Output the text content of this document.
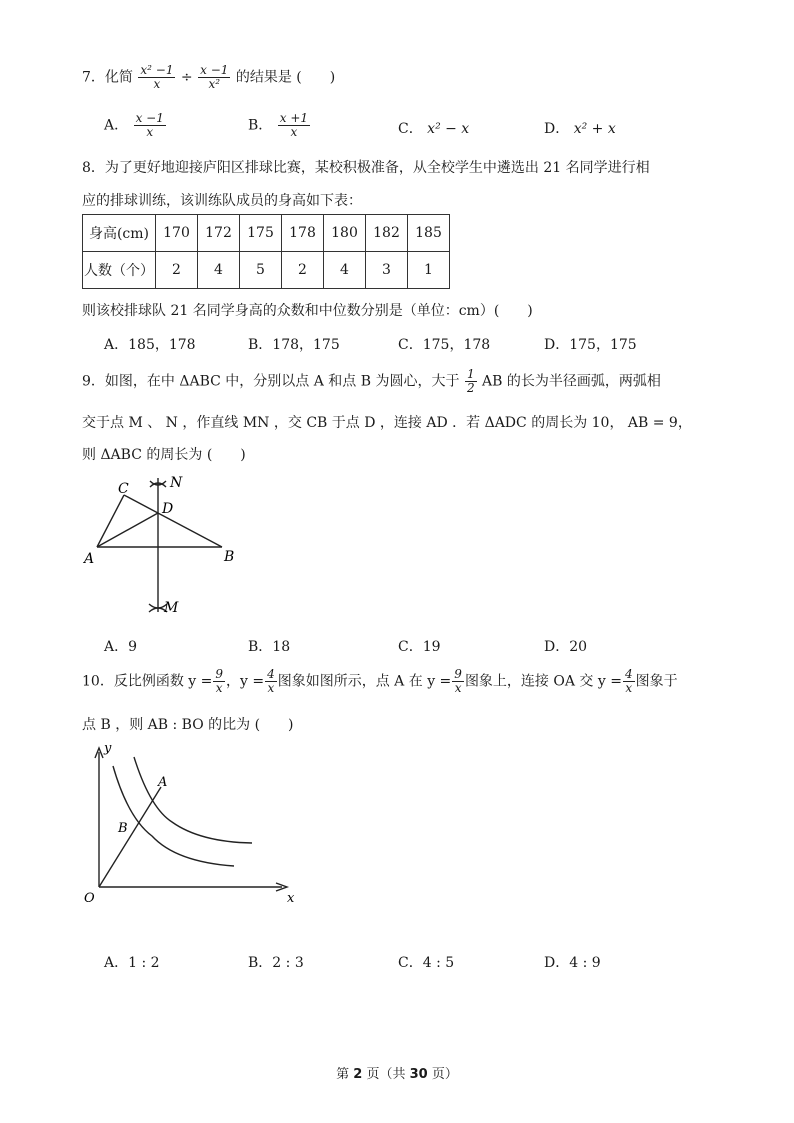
7．化简 $\frac{\text{x² −1}}{x} \div \frac{x -1}{\text{x²}}$ 的结果是 (　　)
A． $\frac{x -1}{x}$	B． $\frac{x +1}{x}$	C． x² − x	D． x² + x
8．为了更好地迎接庐阳区排球比赛，某校积极准备，从全校学生中遴选出 21 名同学进行相
应的排球训练，该训练队成员的身高如下表：
身高(cm)	170	172	175	178	180	182	185
人数（个）	2	4	5	2	4	3	1
则该校排球队 21 名同学身高的众数和中位数分别是（单位：cm）(　　)
A．185，178	B．178，175	C．175，178	D．175，175
9．如图，在中 ΔABC 中，分别以点 A 和点 B 为圆心，大于 $\frac{1}{2}$ AB 的长为半径画弧，两弧相
交于点 M 、 N ，作直线 MN ，交 CB 于点 D ，连接 AD ．若 ΔADC 的周长为 10， AB = 9，
则 ΔABC 的周长为 (　　)
C	N
D
A	B
M
y
x
O
A
B
A．9	B．18	C．19	D．20
10．反比例函数 $y = \frac{9}{x}$ ，$y = \frac{4}{x}$ 图象如图所示，点 A 在 $y = \frac{9}{x}$ 图象上，连接 OA 交 $y = \frac{4}{x}$ 图象于
点 B ，则 AB : BO 的比为 (　　)
A．1 : 2	B．2 : 3	C．4 : 5	D．4 : 9
第 2 页（共 30 页）
